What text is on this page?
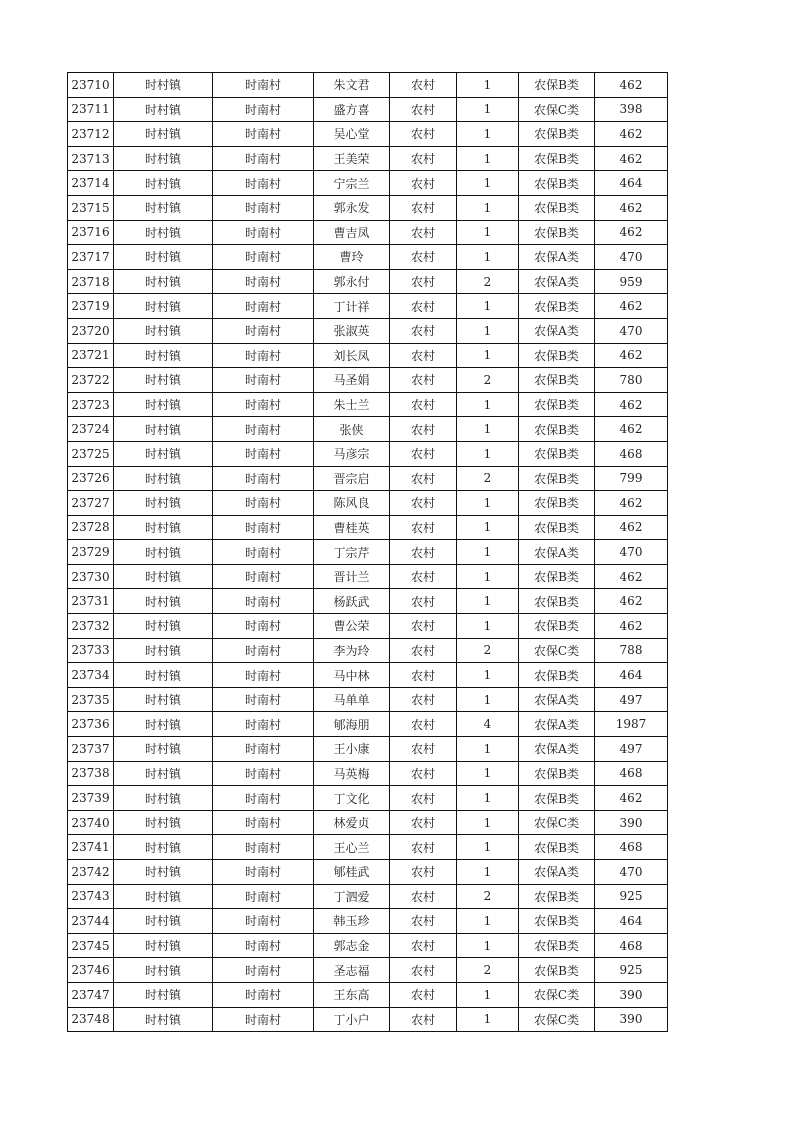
23710	时村镇	时南村	朱文君	农村	1	农保B类	462
23711	时村镇	时南村	盛方喜	农村	1	农保C类	398
23712	时村镇	时南村	吴心堂	农村	1	农保B类	462
23713	时村镇	时南村	王美荣	农村	1	农保B类	462
23714	时村镇	时南村	宁宗兰	农村	1	农保B类	464
23715	时村镇	时南村	郭永发	农村	1	农保B类	462
23716	时村镇	时南村	曹吉凤	农村	1	农保B类	462
23717	时村镇	时南村	曹玲	农村	1	农保A类	470
23718	时村镇	时南村	郭永付	农村	2	农保A类	959
23719	时村镇	时南村	丁计祥	农村	1	农保B类	462
23720	时村镇	时南村	张淑英	农村	1	农保A类	470
23721	时村镇	时南村	刘长凤	农村	1	农保B类	462
23722	时村镇	时南村	马圣娟	农村	2	农保B类	780
23723	时村镇	时南村	朱士兰	农村	1	农保B类	462
23724	时村镇	时南村	张侠	农村	1	农保B类	462
23725	时村镇	时南村	马彦宗	农村	1	农保B类	468
23726	时村镇	时南村	晋宗启	农村	2	农保B类	799
23727	时村镇	时南村	陈风良	农村	1	农保B类	462
23728	时村镇	时南村	曹桂英	农村	1	农保B类	462
23729	时村镇	时南村	丁宗芹	农村	1	农保A类	470
23730	时村镇	时南村	晋计兰	农村	1	农保B类	462
23731	时村镇	时南村	杨跃武	农村	1	农保B类	462
23732	时村镇	时南村	曹公荣	农村	1	农保B类	462
23733	时村镇	时南村	李为玲	农村	2	农保C类	788
23734	时村镇	时南村	马中林	农村	1	农保B类	464
23735	时村镇	时南村	马单单	农村	1	农保A类	497
23736	时村镇	时南村	郇海朋	农村	4	农保A类	1987
23737	时村镇	时南村	王小康	农村	1	农保A类	497
23738	时村镇	时南村	马英梅	农村	1	农保B类	468
23739	时村镇	时南村	丁文化	农村	1	农保B类	462
23740	时村镇	时南村	林爱贞	农村	1	农保C类	390
23741	时村镇	时南村	王心兰	农村	1	农保B类	468
23742	时村镇	时南村	郇桂武	农村	1	农保A类	470
23743	时村镇	时南村	丁泗爱	农村	2	农保B类	925
23744	时村镇	时南村	韩玉珍	农村	1	农保B类	464
23745	时村镇	时南村	郭志金	农村	1	农保B类	468
23746	时村镇	时南村	圣志福	农村	2	农保B类	925
23747	时村镇	时南村	王东高	农村	1	农保C类	390
23748	时村镇	时南村	丁小户	农村	1	农保C类	390
